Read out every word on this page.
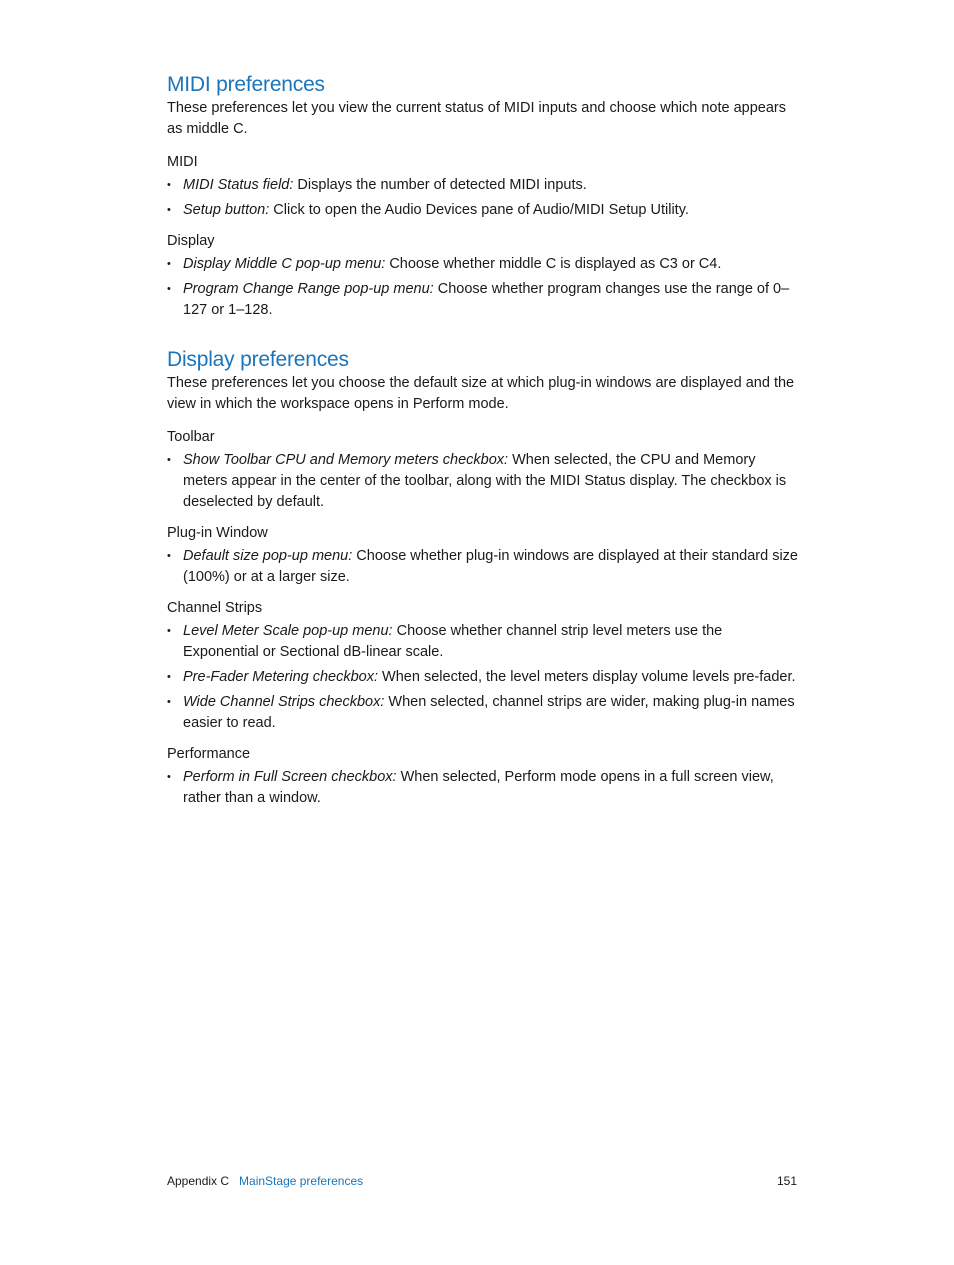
MIDI preferences

These preferences let you view the current status of MIDI inputs and choose which note appears as middle C.

MIDI
• MIDI Status field: Displays the number of detected MIDI inputs.
• Setup button: Click to open the Audio Devices pane of Audio/MIDI Setup Utility.
Display
• Display Middle C pop-up menu: Choose whether middle C is displayed as C3 or C4.
• Program Change Range pop-up menu: Choose whether program changes use the range of 0–127 or 1–128.
Display preferences

These preferences let you choose the default size at which plug-in windows are displayed and the view in which the workspace opens in Perform mode.

Toolbar
• Show Toolbar CPU and Memory meters checkbox: When selected, the CPU and Memory meters appear in the center of the toolbar, along with the MIDI Status display. The checkbox is deselected by default.
Plug-in Window
• Default size pop-up menu: Choose whether plug-in windows are displayed at their standard size (100%) or at a larger size.
Channel Strips
• Level Meter Scale pop-up menu: Choose whether channel strip level meters use the Exponential or Sectional dB-linear scale.
• Pre-Fader Metering checkbox: When selected, the level meters display volume levels pre-fader.
• Wide Channel Strips checkbox: When selected, channel strips are wider, making plug-in names easier to read.
Performance
• Perform in Full Screen checkbox: When selected, Perform mode opens in a full screen view, rather than a window.
Appendix C MainStage preferences	151
